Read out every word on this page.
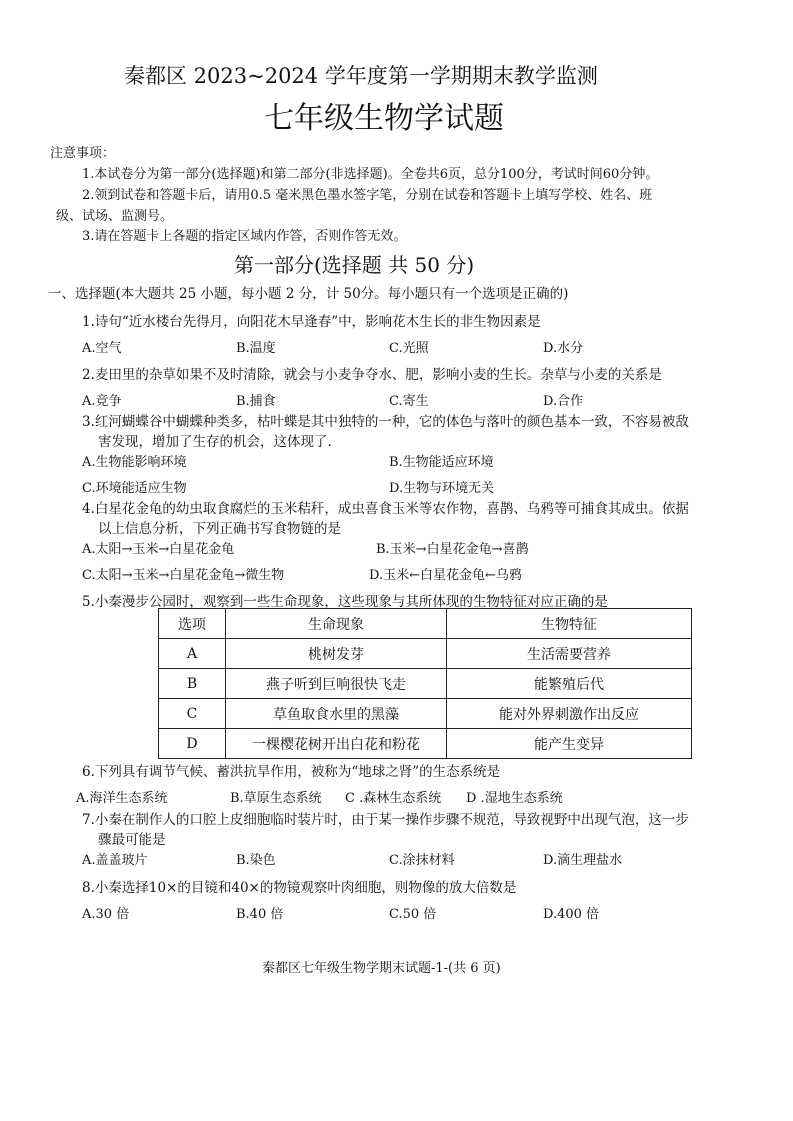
秦都区 2023~2024 学年度第一学期期末教学监测
七年级生物学试题
注意事项：
1.本试卷分为第一部分(选择题)和第二部分(非选择题)。全卷共6页，总分100分，考试时间60分钟。
2.领到试卷和答题卡后，请用0.5 毫米黑色墨水签字笔，分别在试卷和答题卡上填写学校、姓名、班
级、试场、监测号。
3.请在答题卡上各题的指定区域内作答，否则作答无效。
第一部分(选择题 共 50 分)
一、选择题(本大题共 25 小题，每小题 2 分，计 50分。每小题只有一个选项是正确的)
1.诗句“近水楼台先得月，向阳花木早逢春”中，影响花木生长的非生物因素是
A.空气	B.温度	C.光照	D.水分
2.麦田里的杂草如果不及时清除，就会与小麦争夺水、肥，影响小麦的生长。杂草与小麦的关系是
A.竞争	B.捕食	C.寄生	D.合作
3.红河蝴蝶谷中蝴蝶种类多，枯叶蝶是其中独特的一种，它的体色与落叶的颜色基本一致，不容易被敌
害发现，增加了生存的机会，这体现了.
A.生物能影响环境	B.生物能适应环境
C.环境能适应生物	D.生物与环境无关
4.白星花金龟的幼虫取食腐烂的玉米秸秆，成虫喜食玉米等农作物，喜鹊、乌鸦等可捕食其成虫。依据
以上信息分析，下列正确书写食物链的是
A.太阳→玉米→白星花金龟	B.玉米→白星花金龟→喜鹊
C.太阳→玉米→白星花金龟→微生物	D.玉米←白星花金龟←乌鸦
5.小秦漫步公园时，观察到一些生命现象，这些现象与其所体现的生物特征对应正确的是
选项	生命现象	生物特征
A	桃树发芽	生活需要营养
B	燕子听到巨响很快飞走	能繁殖后代
C	草鱼取食水里的黑藻	能对外界刺激作出反应
D	一棵樱花树开出白花和粉花	能产生变异
6.下列具有调节气候、蓄洪抗旱作用，被称为“地球之肾”的生态系统是
A.海洋生态系统	B.草原生态系统 C .森林生态系统 D .湿地生态系统
7.小秦在制作人的口腔上皮细胞临时装片时，由于某一操作步骤不规范，导致视野中出现气泡，这一步
骤最可能是
A.盖盖玻片	B.染色	C.涂抹材料	D.滴生理盐水
8.小秦选择10×的目镜和40×的物镜观察叶肉细胞，则物像的放大倍数是
A.30 倍	B.40 倍	C.50 倍	D.400 倍
秦都区七年级生物学期末试题-1-(共 6 页)
